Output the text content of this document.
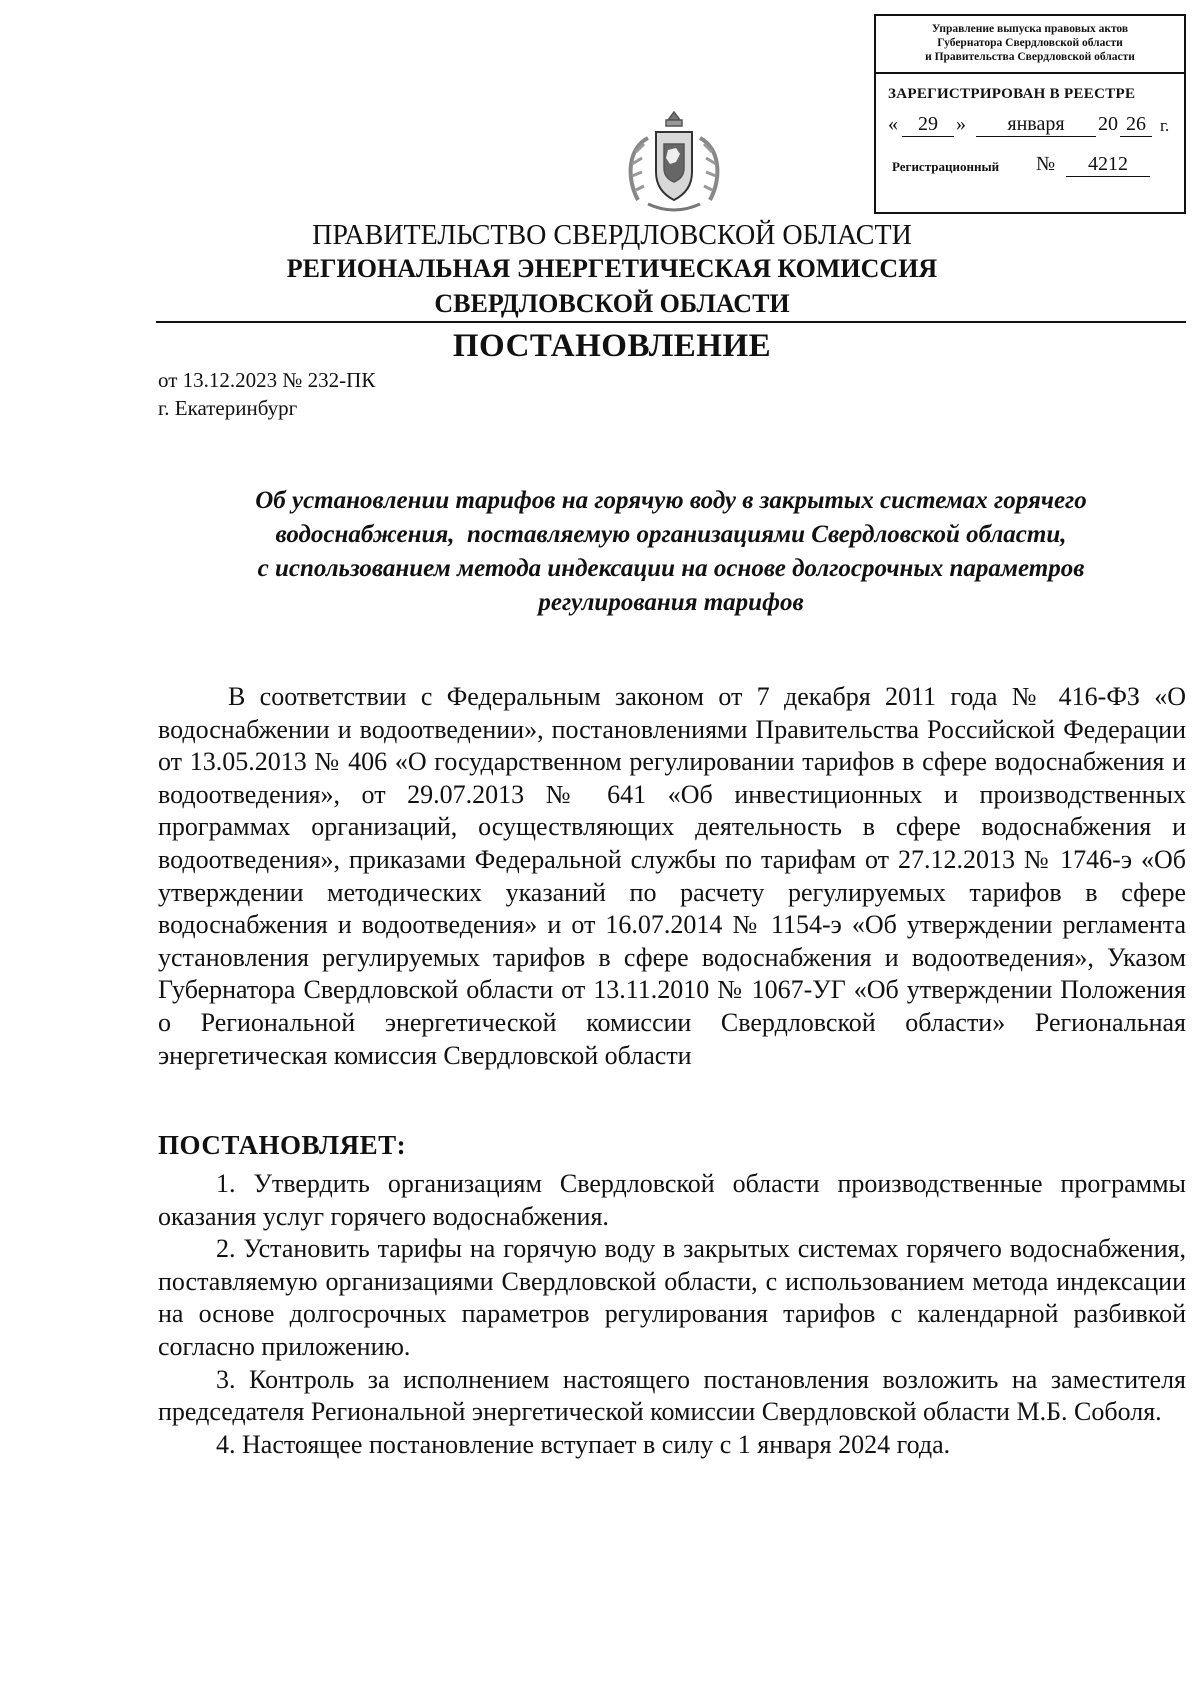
Управление выпуска правовых актов
Губернатора Свердловской области
и Правительства Свердловской области
ЗАРЕГИСТРИРОВАН В РЕЕСТРЕ
«	29 »	января	20 26 г.
Регистрационный №	4212
ПРАВИТЕЛЬСТВО СВЕРДЛОВСКОЙ ОБЛАСТИ
РЕГИОНАЛЬНАЯ ЭНЕРГЕТИЧЕСКАЯ КОМИССИЯ
СВЕРДЛОВСКОЙ ОБЛАСТИ
ПОСТАНОВЛЕНИЕ
от 13.12.2023 № 232-ПК
г. Екатеринбург
Об установлении тарифов на горячую воду в закрытых системах горячего
водоснабжения,  поставляемую организациями Свердловской области,
с использованием метода индексации на основе долгосрочных параметров
регулирования тарифов
В соответствии с Федеральным законом от 7 декабря 2011 года № 416-ФЗ «О водоснабжении и водоотведении», постановлениями Правительства Российской Федерации от 13.05.2013 № 406 «О государственном регулировании тарифов в сфере водоснабжения и водоотведения», от 29.07.2013 № 641 «Об инвестиционных и производственных программах организаций, осуществляющих деятельность в сфере водоснабжения и водоотведения», приказами Федеральной службы по тарифам от 27.12.2013 № 1746-э «Об утверждении методических указаний по расчету регулируемых тарифов в сфере водоснабжения и водоотведения» и от 16.07.2014 № 1154-э «Об утверждении регламента установления регулируемых тарифов в сфере водоснабжения и водоотведения», Указом Губернатора Свердловской области от 13.11.2010 № 1067-УГ «Об утверждении Положения о Региональной энергетической комиссии Свердловской области» Региональная энергетическая комиссия Свердловской области
ПОСТАНОВЛЯЕТ:

1. Утвердить организациям Свердловской области производственные программы оказания услуг горячего водоснабжения.

2. Установить тарифы на горячую воду в закрытых системах горячего водоснабжения, поставляемую организациями Свердловской области, с использованием метода индексации на основе долгосрочных параметров регулирования тарифов с календарной разбивкой согласно приложению.

3. Контроль за исполнением настоящего постановления возложить на заместителя председателя Региональной энергетической комиссии Свердловской области М.Б. Соболя.

4. Настоящее постановление вступает в силу с 1 января 2024 года.
